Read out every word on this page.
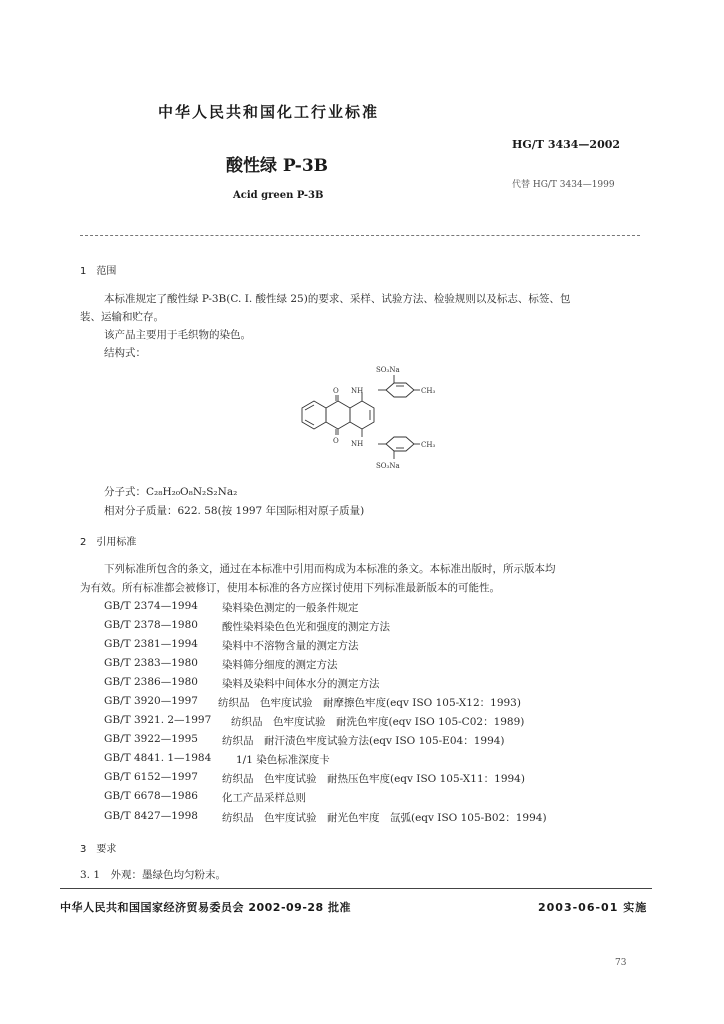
中华人民共和国化工行业标准
HG/T 3434—2002
酸性绿 P-3B
代替 HG/T 3434—1999
Acid green P-3B
1　范围
本标准规定了酸性绿 P-3B(C. I. 酸性绿 25)的要求、采样、试验方法、检验规则以及标志、标签、包
装、运输和贮存。
该产品主要用于毛织物的染色。
结构式：
SO₃Na
NH	CH₃
O
O NH	CH₃
SO₃Na
分子式：C₂₈H₂₀O₈N₂S₂Na₂
相对分子质量：622. 58(按 1997 年国际相对原子质量)
2　引用标准
下列标准所包含的条文，通过在本标准中引用而构成为本标准的条文。本标准出版时，所示版本均
为有效。所有标准都会被修订，使用本标准的各方应探讨使用下列标准最新版本的可能性。
GB/T 2374—1994 染料染色测定的一般条件规定
GB/T 2378—1980 酸性染料染色色光和强度的测定方法
GB/T 2381—1994 染料中不溶物含量的测定方法
GB/T 2383—1980 染料筛分细度的测定方法
GB/T 2386—1980 染料及染料中间体水分的测定方法
GB/T 3920—1997 纺织品　色牢度试验　耐摩擦色牢度(eqv ISO 105-X12：1993)
GB/T 3921. 2—1997 纺织品　色牢度试验　耐洗色牢度(eqv ISO 105-C02：1989)
GB/T 3922—1995 纺织品　耐汗渍色牢度试验方法(eqv ISO 105-E04：1994)
GB/T 4841. 1—1984 1/1 染色标准深度卡
GB/T 6152—1997 纺织品　色牢度试验　耐热压色牢度(eqv ISO 105-X11：1994)
GB/T 6678—1986 化工产品采样总则
GB/T 8427—1998 纺织品　色牢度试验　耐光色牢度　氙弧(eqv ISO 105-B02：1994)
3　要求
3. 1　外观：墨绿色均匀粉末。
中华人民共和国国家经济贸易委员会 2002-09-28 批准	2003-06-01 实施
73
